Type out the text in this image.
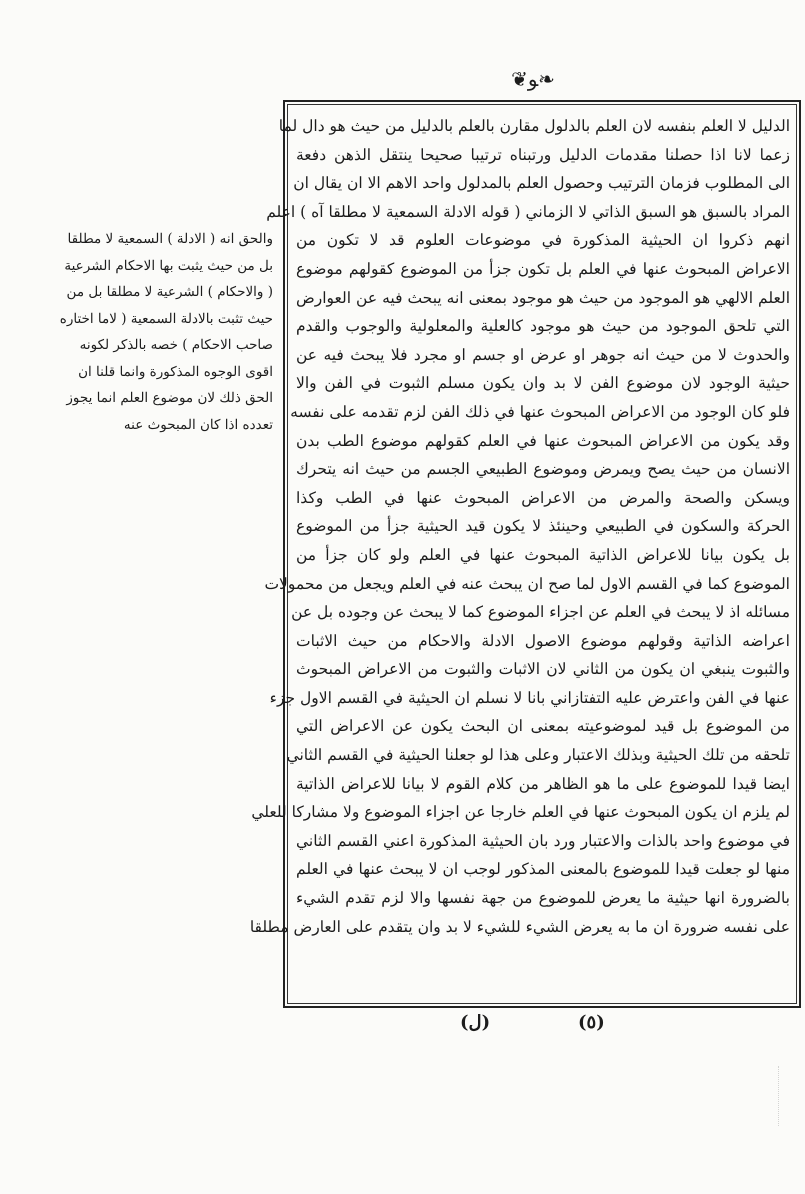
❦ﻮ❧
الدليل لا العلم بنفسه لان العلم بالدلول مقارن بالعلم بالدليل من حيث هو دال لما
زعما لانا اذا حصلنا مقدمات الدليل ورتبناه ترتيبا صحيحا ينتقل الذهن دفعة
الى المطلوب فزمان الترتيب وحصول العلم بالمدلول واحد الاهم الا ان يقال ان
المراد بالسبق هو السبق الذاتي لا الزماني ( قوله الادلة السمعية لا مطلقا آه ) اعلم
انهم ذكروا ان الحيثية المذكورة في موضوعات العلوم قد لا تكون من
الاعراض المبحوث عنها في العلم بل تكون جزأ من الموضوع كقولهم موضوع
العلم الالهي هو الموجود من حيث هو موجود بمعنى انه يبحث فيه عن العوارض
التي تلحق الموجود من حيث هو موجود كالعلية والمعلولية والوجوب والقدم
والحدوث لا من حيث انه جوهر او عرض او جسم او مجرد فلا يبحث فيه عن
حيثية الوجود لان موضوع الفن لا بد وان يكون مسلم الثبوت في الفن والا
فلو كان الوجود من الاعراض المبحوث عنها في ذلك الفن لزم تقدمه على نفسه
وقد يكون من الاعراض المبحوث عنها في العلم كقولهم موضوع الطب بدن
الانسان من حيث يصح ويمرض وموضوع الطبيعي الجسم من حيث انه يتحرك
ويسكن والصحة والمرض من الاعراض المبحوث عنها في الطب وكذا
الحركة والسكون في الطبيعي وحينئذ لا يكون قيد الحيثية جزأ من الموضوع
بل يكون بيانا للاعراض الذاتية المبحوث عنها في العلم ولو كان جزأ من
الموضوع كما في القسم الاول لما صح ان يبحث عنه في العلم ويجعل من محمولات
مسائله اذ لا يبحث في العلم عن اجزاء الموضوع كما لا يبحث عن وجوده بل عن
اعراضه الذاتية وقولهم موضوع الاصول الادلة والاحكام من حيث الاثبات
والثبوت ينبغي ان يكون من الثاني لان الاثبات والثبوت من الاعراض المبحوث
عنها في الفن واعترض عليه التفتازاني بانا لا نسلم ان الحيثية في القسم الاول جزء
من الموضوع بل قيد لموضوعيته بمعنى ان البحث يكون عن الاعراض التي
تلحقه من تلك الحيثية وبذلك الاعتبار وعلى هذا لو جعلنا الحيثية في القسم الثاني
ايضا قيدا للموضوع على ما هو الظاهر من كلام القوم لا بيانا للاعراض الذاتية
لم يلزم ان يكون المبحوث عنها في العلم خارجا عن اجزاء الموضوع ولا مشاركا للعلي
في موضوع واحد بالذات والاعتبار ورد بان الحيثية المذكورة اعني القسم الثاني
منها لو جعلت قيدا للموضوع بالمعنى المذكور لوجب ان لا يبحث عنها في العلم
بالضرورة انها حيثية ما يعرض للموضوع من جهة نفسها والا لزم تقدم الشيء
على نفسه ضرورة ان ما به يعرض الشيء للشيء لا بد وان يتقدم على العارض مطلقا
والحق انه ( الادلة ) السمعية لا مطلقا
بل من حيث يثبت بها الاحكام الشرعية
( والاحكام ) الشرعية لا مطلقا بل من
حيث تثبت بالادلة السمعية ( لاما اختاره
صاحب الاحكام ) خصه بالذكر لكونه
اقوى الوجوه المذكورة وانما قلنا ان
الحق ذلك لان موضوع العلم انما يجوز
تعدده اذا كان المبحوث عنه
(٥)
(ل)
